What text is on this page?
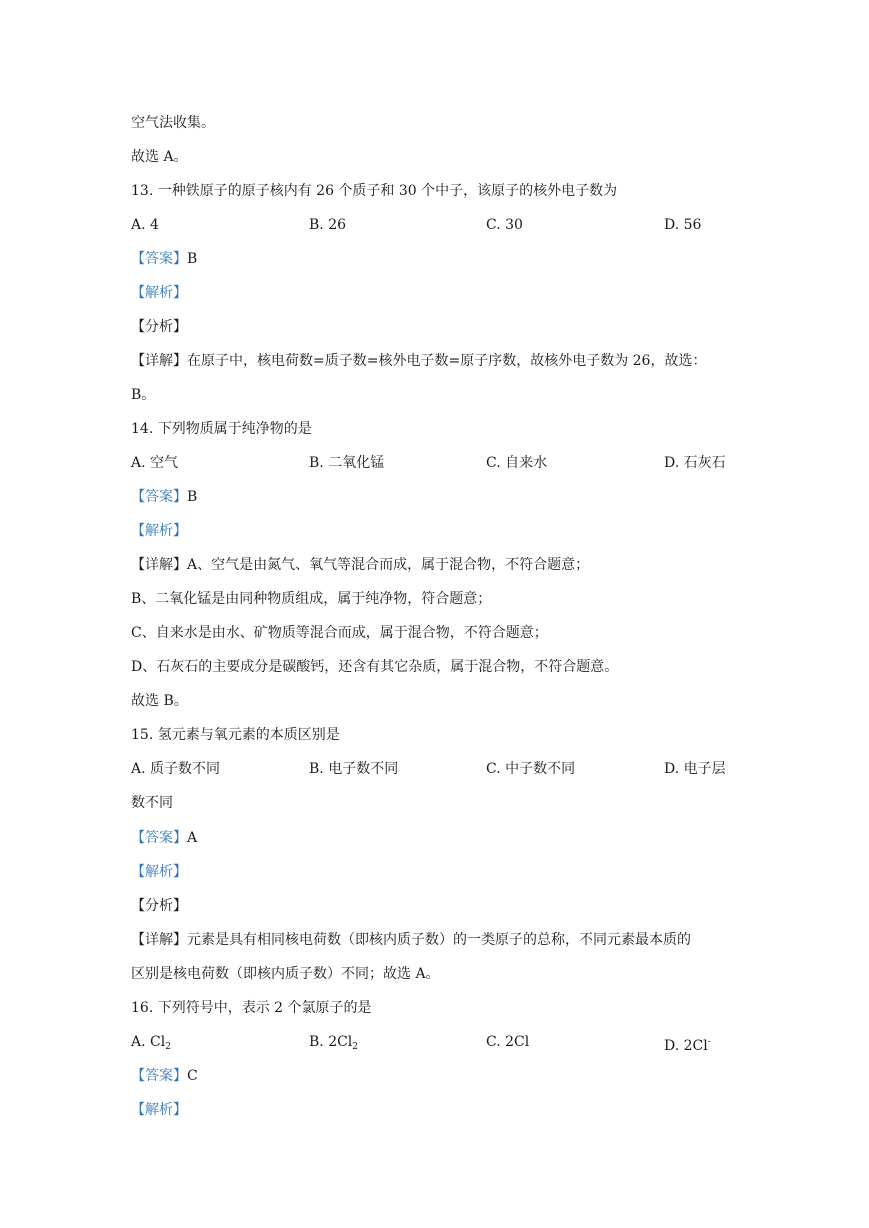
空气法收集。
故选 A。
13. 一种铁原子的原子核内有 26 个质子和 30 个中子，该原子的核外电子数为
A. 4	B. 26	C. 30	D. 56
【答案】B
【解析】
【分析】
【详解】在原子中，核电荷数=质子数=核外电子数=原子序数，故核外电子数为 26，故选：
B。
14. 下列物质属于纯净物的是
A. 空气	B. 二氧化锰	C. 自来水	D. 石灰石
【答案】B
【解析】
【详解】A、空气是由氮气、氧气等混合而成，属于混合物，不符合题意；
B、二氧化锰是由同种物质组成，属于纯净物，符合题意；
C、自来水是由水、矿物质等混合而成，属于混合物，不符合题意；
D、石灰石的主要成分是碳酸钙，还含有其它杂质，属于混合物，不符合题意。
故选 B。
15. 氢元素与氧元素的本质区别是
A. 质子数不同	B. 电子数不同	C. 中子数不同	D. 电子层
数不同
【答案】A
【解析】
【分析】
【详解】元素是具有相同核电荷数（即核内质子数）的一类原子的总称，不同元素最本质的
区别是核电荷数（即核内质子数）不同；故选 A。
16. 下列符号中，表示 2 个氯原子的是
A. $Cl_2$	B. $2Cl_2$	C. 2Cl	D. 2Cl-
【答案】C
【解析】
